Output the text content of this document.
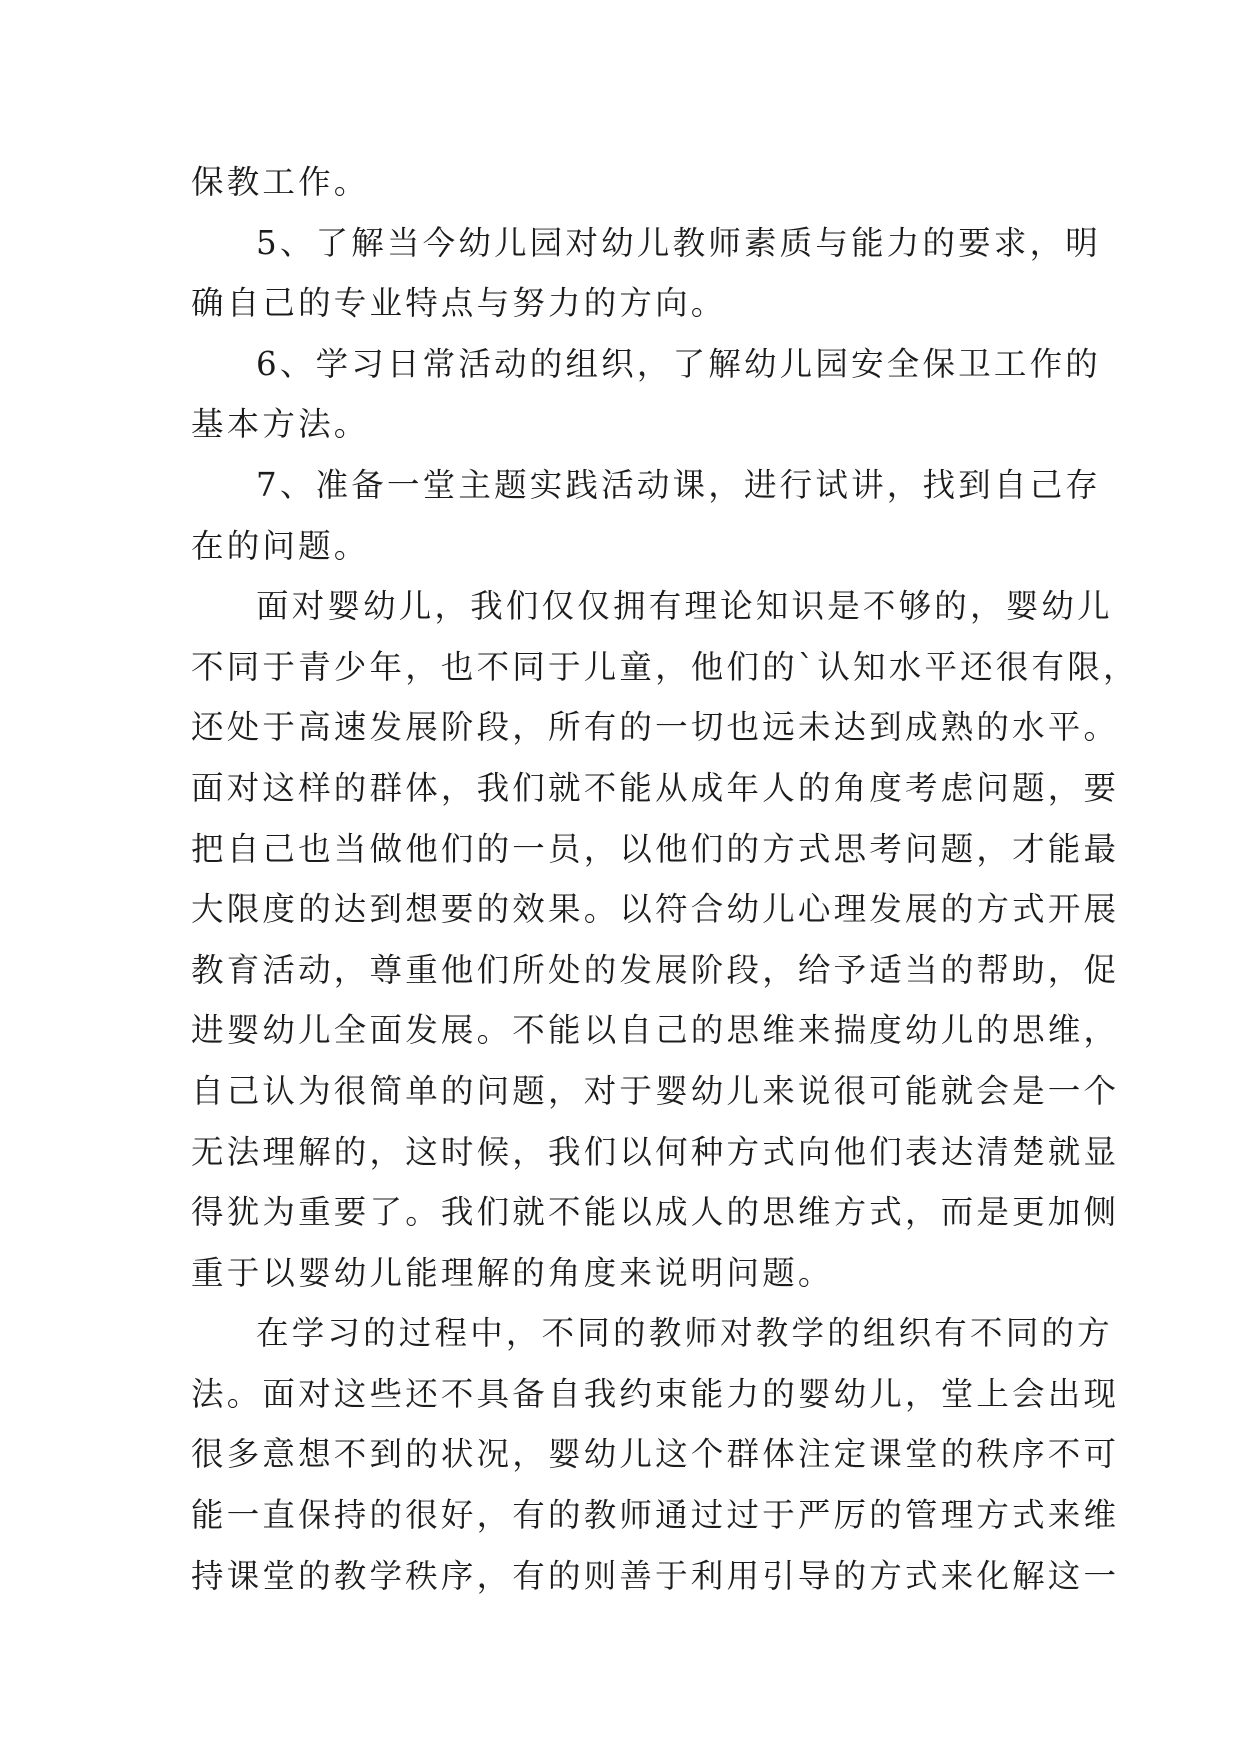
保教工作。
5、了解当今幼儿园对幼儿教师素质与能力的要求，明
确自己的专业特点与努力的方向。
6、学习日常活动的组织，了解幼儿园安全保卫工作的
基本方法。
7、准备一堂主题实践活动课，进行试讲，找到自己存
在的问题。
面对婴幼儿，我们仅仅拥有理论知识是不够的，婴幼儿
不同于青少年，也不同于儿童，他们的`认知水平还很有限，
还处于高速发展阶段，所有的一切也远未达到成熟的水平。
面对这样的群体，我们就不能从成年人的角度考虑问题，要
把自己也当做他们的一员，以他们的方式思考问题，才能最
大限度的达到想要的效果。以符合幼儿心理发展的方式开展
教育活动，尊重他们所处的发展阶段，给予适当的帮助，促
进婴幼儿全面发展。不能以自己的思维来揣度幼儿的思维，
自己认为很简单的问题，对于婴幼儿来说很可能就会是一个
无法理解的，这时候，我们以何种方式向他们表达清楚就显
得犹为重要了。我们就不能以成人的思维方式，而是更加侧
重于以婴幼儿能理解的角度来说明问题。
在学习的过程中，不同的教师对教学的组织有不同的方
法。面对这些还不具备自我约束能力的婴幼儿，堂上会出现
很多意想不到的状况，婴幼儿这个群体注定课堂的秩序不可
能一直保持的很好，有的教师通过过于严厉的管理方式来维
持课堂的教学秩序，有的则善于利用引导的方式来化解这一
